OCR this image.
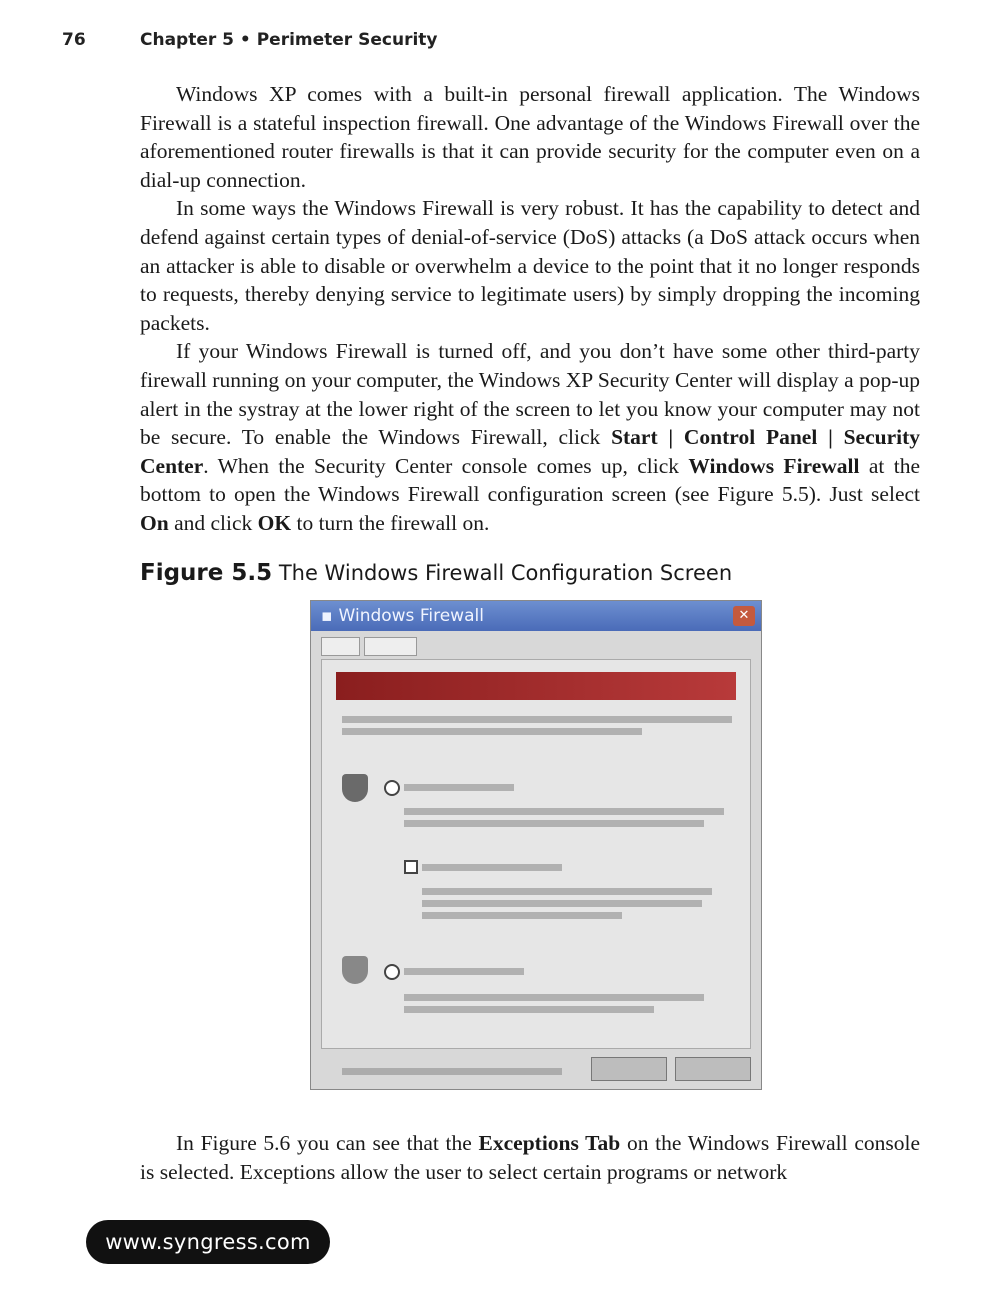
76	Chapter 5 • Perimeter Security

Windows XP comes with a built-in personal firewall application. The Windows Firewall is a stateful inspection firewall. One advantage of the Windows Firewall over the aforementioned router firewalls is that it can provide security for the computer even on a dial-up connection.

In some ways the Windows Firewall is very robust. It has the capability to detect and defend against certain types of denial-of-service (DoS) attacks (a DoS attack occurs when an attacker is able to disable or overwhelm a device to the point that it no longer responds to requests, thereby denying service to legitimate users) by simply dropping the incoming packets.

If your Windows Firewall is turned off, and you don’t have some other third-party firewall running on your computer, the Windows XP Security Center will display a pop-up alert in the systray at the lower right of the screen to let you know your computer may not be secure. To enable the Windows Firewall, click Start | Control Panel | Security Center. When the Security Center console comes up, click Windows Firewall at the bottom to open the Windows Firewall configuration screen (see Figure 5.5). Just select On and click OK to turn the firewall on.

Figure 5.5 The Windows Firewall Configuration Screen
▪ Windows Firewall	✕

In Figure 5.6 you can see that the Exceptions Tab on the Windows Firewall console is selected. Exceptions allow the user to select certain programs or network

www.syngress.com
